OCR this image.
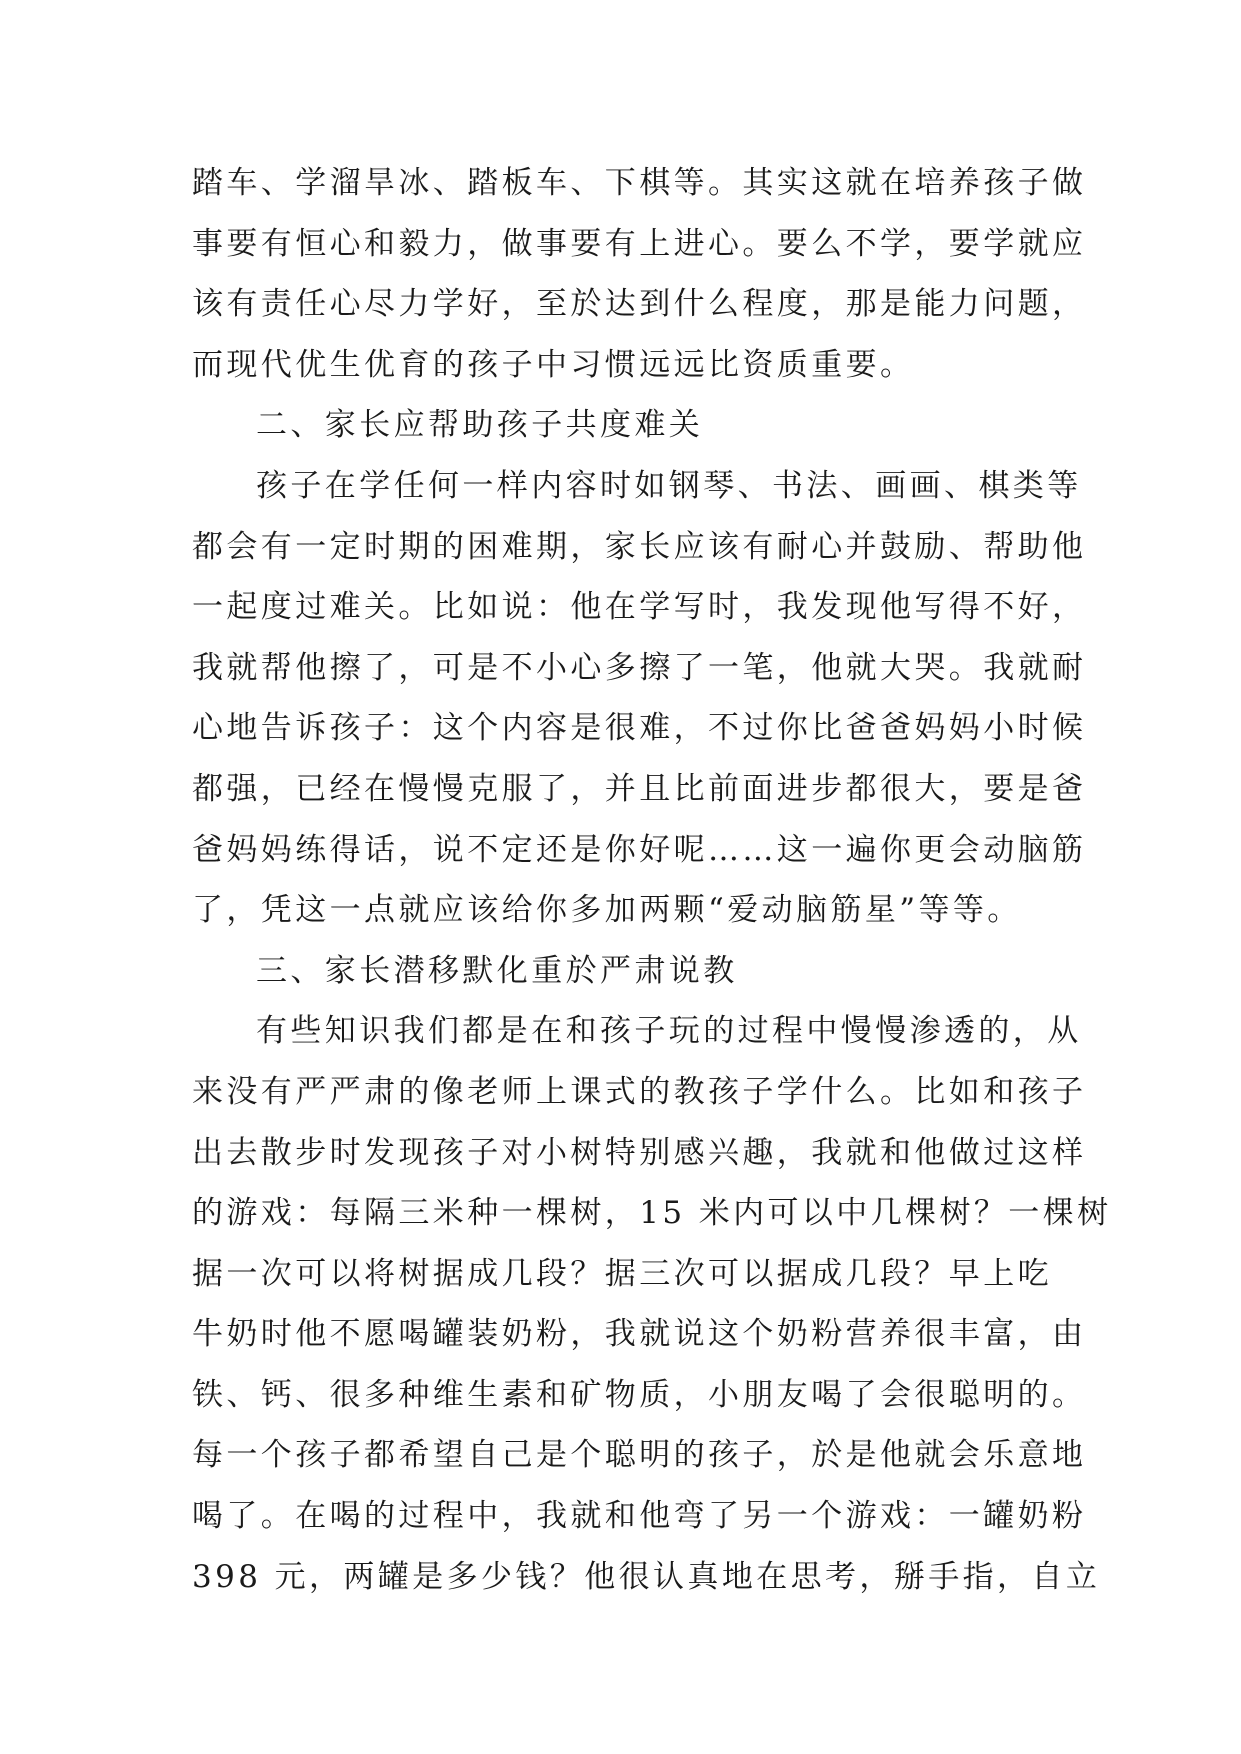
踏车、学溜旱冰、踏板车、下棋等。其实这就在培养孩子做
事要有恒心和毅力，做事要有上进心。要么不学，要学就应
该有责任心尽力学好，至於达到什么程度，那是能力问题，
而现代优生优育的孩子中习惯远远比资质重要。
二、家长应帮助孩子共度难关
孩子在学任何一样内容时如钢琴、书法、画画、棋类等
都会有一定时期的困难期，家长应该有耐心并鼓励、帮助他
一起度过难关。比如说：他在学写时，我发现他写得不好，
我就帮他擦了，可是不小心多擦了一笔，他就大哭。我就耐
心地告诉孩子：这个内容是很难，不过你比爸爸妈妈小时候
都强，已经在慢慢克服了，并且比前面进步都很大，要是爸
爸妈妈练得话，说不定还是你好呢……这一遍你更会动脑筋
了，凭这一点就应该给你多加两颗“爱动脑筋星”等等。
三、家长潜移默化重於严肃说教
有些知识我们都是在和孩子玩的过程中慢慢渗透的，从
来没有严严肃的像老师上课式的教孩子学什么。比如和孩子
出去散步时发现孩子对小树特别感兴趣，我就和他做过这样
的游戏：每隔三米种一棵树，15 米内可以中几棵树？一棵树
据一次可以将树据成几段？据三次可以据成几段？早上吃
牛奶时他不愿喝罐装奶粉，我就说这个奶粉营养很丰富，由
铁、钙、很多种维生素和矿物质，小朋友喝了会很聪明的。
每一个孩子都希望自己是个聪明的孩子，於是他就会乐意地
喝了。在喝的过程中，我就和他弯了另一个游戏：一罐奶粉
398 元，两罐是多少钱？他很认真地在思考，掰手指，自立
